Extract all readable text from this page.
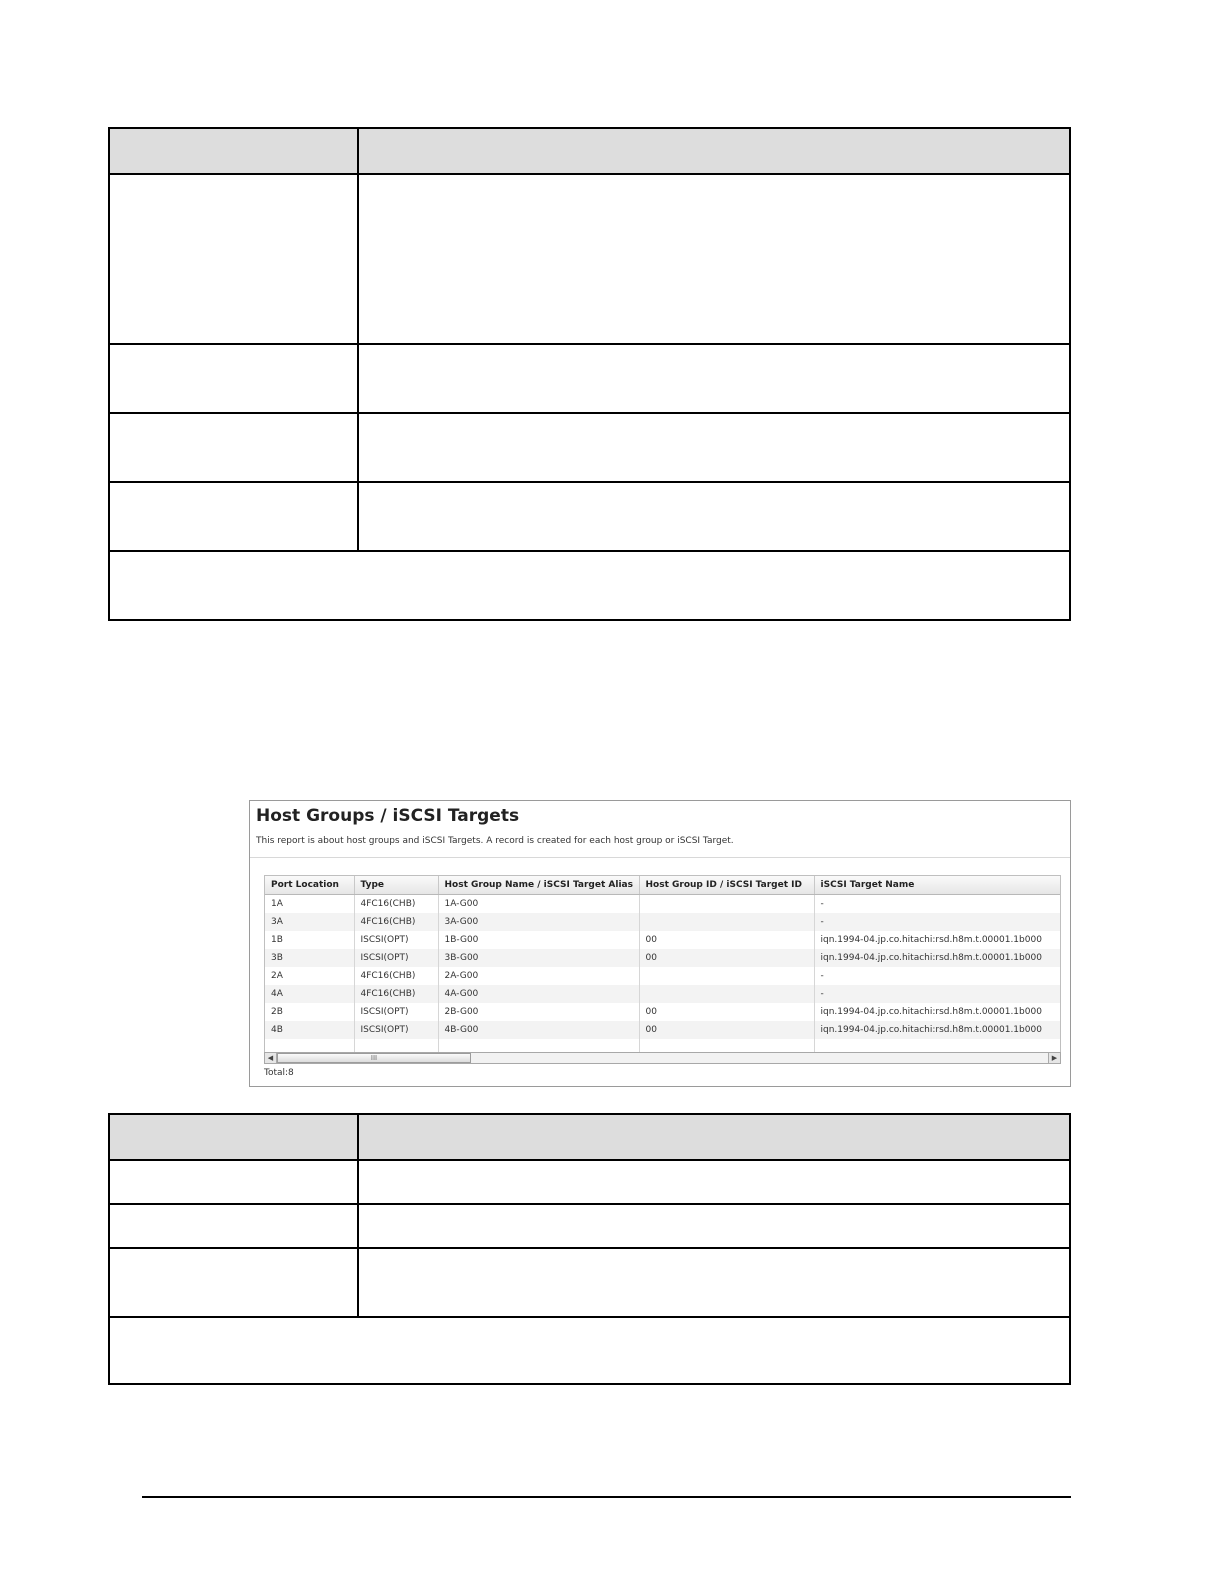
Host Groups / iSCSI Targets
This report is about host groups and iSCSI Targets. A record is created for each host group or iSCSI Target.
Port Location	Type	Host Group Name / iSCSI Target Alias	Host Group ID / iSCSI Target ID	iSCSI Target Name
1A	4FC16(CHB)	1A-G00		-
3A	4FC16(CHB)	3A-G00		-
1B	ISCSI(OPT)	1B-G00	00	iqn.1994-04.jp.co.hitachi:rsd.h8m.t.00001.1b000
3B	ISCSI(OPT)	3B-G00	00	iqn.1994-04.jp.co.hitachi:rsd.h8m.t.00001.1b000
2A	4FC16(CHB)	2A-G00		-
4A	4FC16(CHB)	4A-G00		-
2B	ISCSI(OPT)	2B-G00	00	iqn.1994-04.jp.co.hitachi:rsd.h8m.t.00001.1b000
4B	ISCSI(OPT)	4B-G00	00	iqn.1994-04.jp.co.hitachi:rsd.h8m.t.00001.1b000

◀	III	▶
Total:8
